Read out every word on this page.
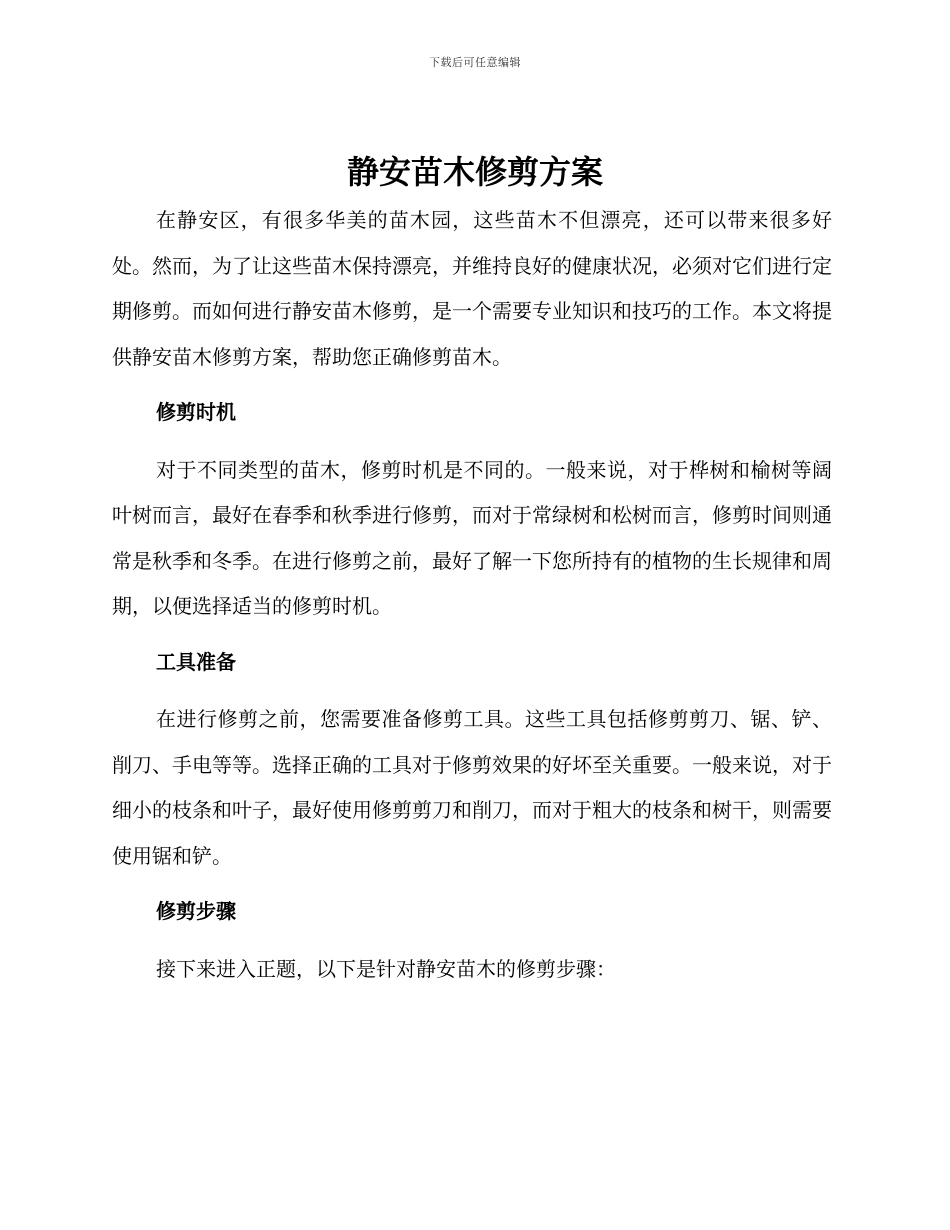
下载后可任意编辑
静安苗木修剪方案

在静安区，有很多华美的苗木园，这些苗木不但漂亮，还可以带来很多好处。然而，为了让这些苗木保持漂亮，并维持良好的健康状况，必须对它们进行定期修剪。而如何进行静安苗木修剪，是一个需要专业知识和技巧的工作。本文将提供静安苗木修剪方案，帮助您正确修剪苗木。

修剪时机

对于不同类型的苗木，修剪时机是不同的。一般来说，对于桦树和榆树等阔叶树而言，最好在春季和秋季进行修剪，而对于常绿树和松树而言，修剪时间则通常是秋季和冬季。在进行修剪之前，最好了解一下您所持有的植物的生长规律和周期，以便选择适当的修剪时机。

工具准备

在进行修剪之前，您需要准备修剪工具。这些工具包括修剪剪刀、锯、铲、削刀、手电等等。选择正确的工具对于修剪效果的好坏至关重要。一般来说，对于细小的枝条和叶子，最好使用修剪剪刀和削刀，而对于粗大的枝条和树干，则需要使用锯和铲。

修剪步骤

接下来进入正题，以下是针对静安苗木的修剪步骤：
